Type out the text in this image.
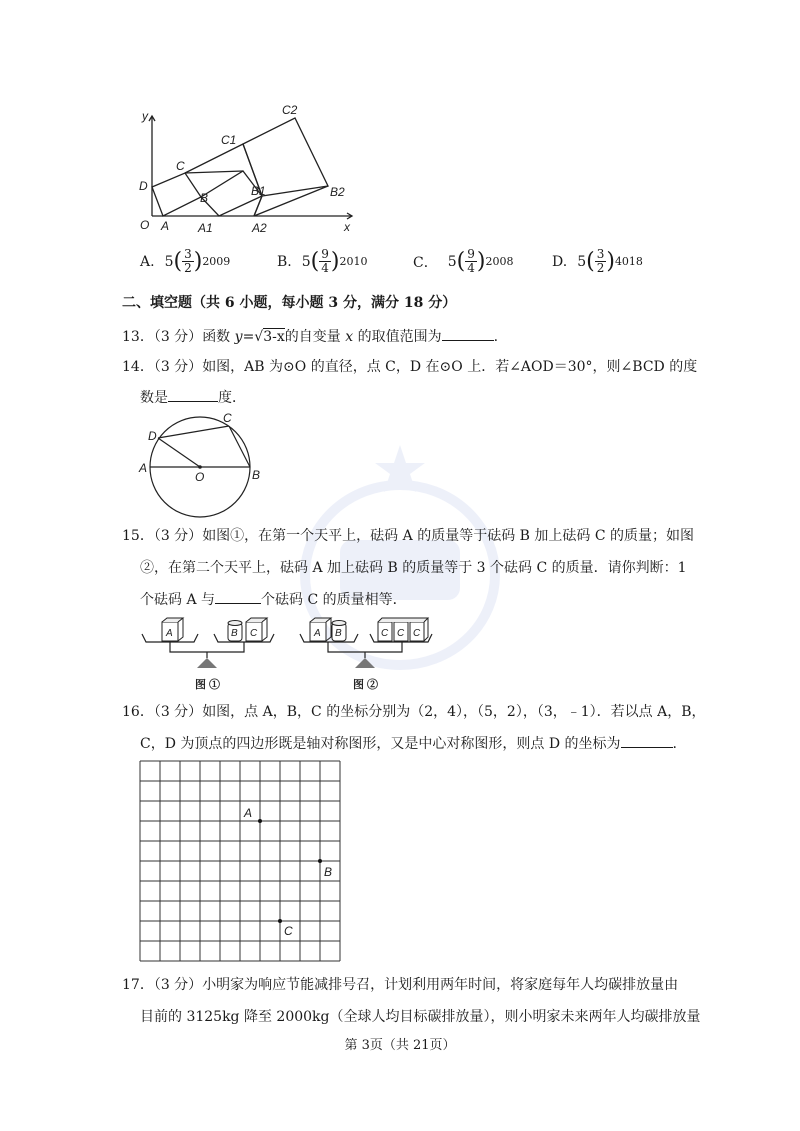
y
x
O
D
A
C
B
C1
B1
A1
C2
B2
A2
A. 5 ( $\frac{3}{2}$ ) 2009	B. 5 ( $\frac{9}{4}$ ) 2010	C． 5 ( $\frac{9}{4}$ ) 2008	D. 5 ( $\frac{3}{2}$ ) 4018
二、填空题（共 6 小题，每小题 3 分，满分 18 分）
13．（3 分）函数 y=√3-x的自变量 x 的取值范围为	.
14．（3 分）如图，AB 为⊙O 的直径，点 C，D 在⊙O 上．若∠AOD＝30°，则∠BCD 的度
数是	度．
A	B
C
D
O
15．（3 分）如图①，在第一个天平上，砝码 A 的质量等于砝码 B 加上砝码 C 的质量；如图
②，在第二个天平上，砝码 A 加上砝码 B 的质量等于 3 个砝码 C 的质量．请你判断：1
个砝码 A 与	个砝码 C 的质量相等．
A	B C	A B	C C C
图 ①	图 ②
16．（3 分）如图，点 A，B，C 的坐标分别为（2，4），（5，2），（3，﹣1）．若以点 A，B，
C，D 为顶点的四边形既是轴对称图形，又是中心对称图形，则点 D 的坐标为	.
A
B
C
17．（3 分）小明家为响应节能减排号召，计划利用两年时间，将家庭每年人均碳排放量由
目前的 3125kg 降至 2000kg（全球人均目标碳排放量），则小明家未来两年人均碳排放量
第 3页（共 21页）
